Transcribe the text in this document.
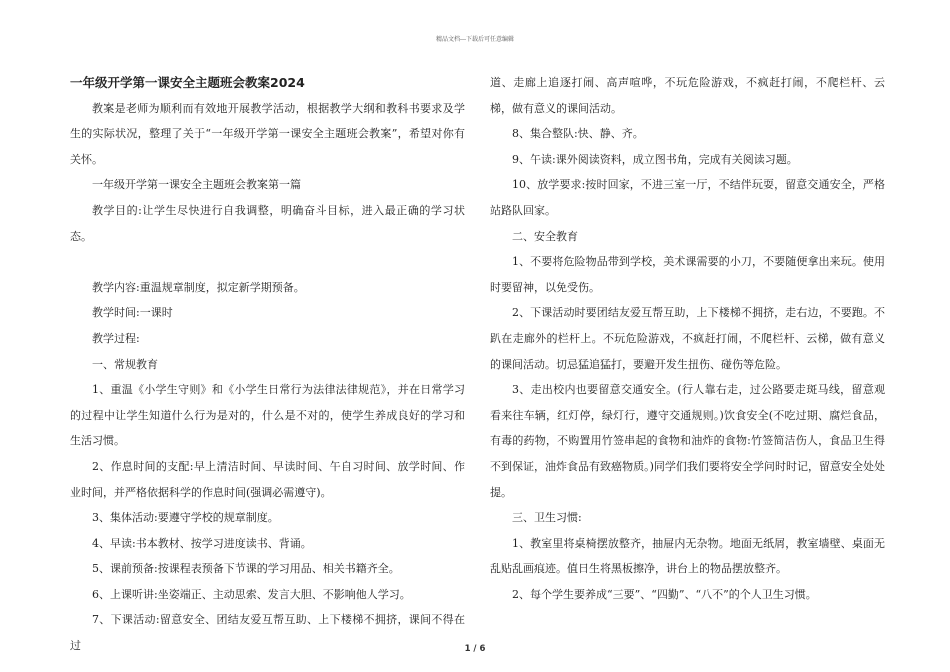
精品文档---下载后可任意编辑

一年级开学第一课安全主题班会教案2024

教案是老师为顺利而有效地开展教学活动，根据教学大纲和教科书要求及学生的实际状况，整理了关于“一年级开学第一课安全主题班会教案”，希望对你有关怀。

一年级开学第一课安全主题班会教案第一篇

教学目的:让学生尽快进行自我调整，明确奋斗目标，进入最正确的学习状态。

教学内容:重温规章制度，拟定新学期预备。

教学时间:一课时

教学过程:

一、常规教育

1、重温《小学生守则》和《小学生日常行为法律法律规范》，并在日常学习的过程中让学生知道什么行为是对的，什么是不对的，使学生养成良好的学习和生活习惯。

2、作息时间的支配:早上清洁时间、早读时间、午自习时间、放学时间、作业时间，并严格依据科学的作息时间(强调必需遵守)。

3、集体活动:要遵守学校的规章制度。

4、早读:书本教材、按学习进度读书、背诵。

5、课前预备:按课程表预备下节课的学习用品、相关书籍齐全。

6、上课听讲:坐姿端正、主动思索、发言大胆、不影响他人学习。

7、下课活动:留意安全、团结友爱互帮互助、上下楼梯不拥挤，课间不得在过

道、走廊上追逐打闹、高声喧哗，不玩危险游戏，不疯赶打闹，不爬栏杆、云梯，做有意义的课间活动。

8、集合整队:快、静、齐。

9、午读:课外阅读资料，成立图书角，完成有关阅读习题。

10、放学要求:按时回家，不进三室一厅，不结伴玩耍，留意交通安全，严格站路队回家。

二、安全教育

1、不要将危险物品带到学校，美术课需要的小刀，不要随便拿出来玩。使用时要留神，以免受伤。

2、下课活动时要团结友爱互帮互助，上下楼梯不拥挤，走右边，不要跑。不趴在走廊外的栏杆上。不玩危险游戏，不疯赶打闹，不爬栏杆、云梯，做有意义的课间活动。切忌猛追猛打，要避开发生扭伤、碰伤等危险。

3、走出校内也要留意交通安全。(行人靠右走，过公路要走斑马线，留意观看来往车辆，红灯停，绿灯行，遵守交通规则。)饮食安全(不吃过期、腐烂食品，有毒的药物，不购置用竹签串起的食物和油炸的食物:竹签简洁伤人，食品卫生得不到保证，油炸食品有致癌物质。)同学们我们要将安全学问时时记，留意安全处处提。

三、卫生习惯:

1、教室里将桌椅摆放整齐，抽屉内无杂物。地面无纸屑，教室墙壁、桌面无乱贴乱画痕迹。值日生将黑板擦净，讲台上的物品摆放整齐。

2、每个学生要养成“三要”、“四勤”、“八不”的个人卫生习惯。

1 / 6
